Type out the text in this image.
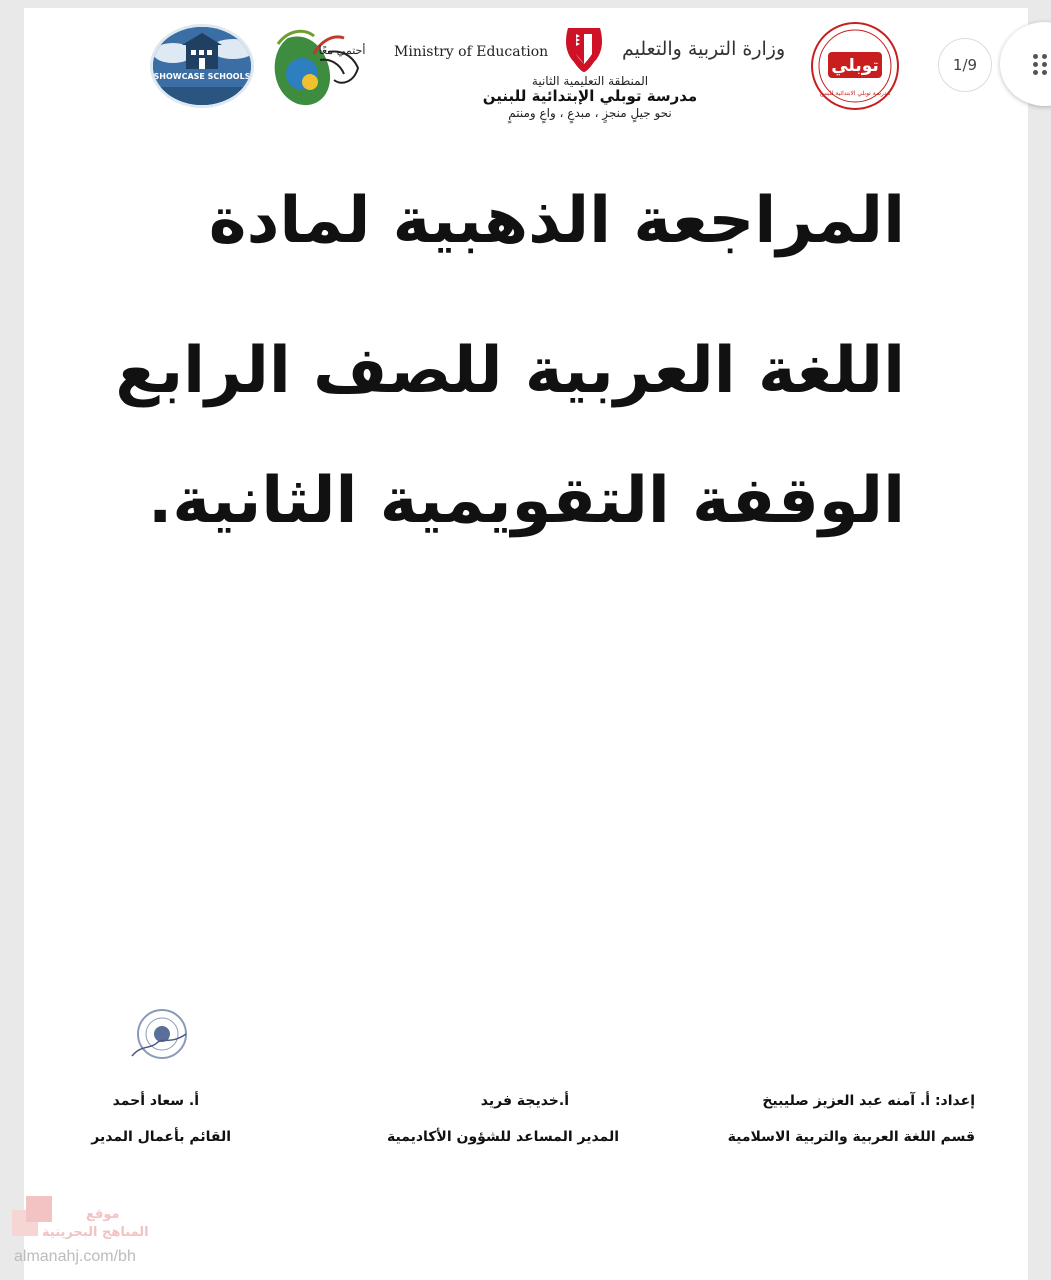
1/9
SHOWCASE SCHOOLS
أحتمي معًا Ministry of Education	وزارة التربية والتعليم
المنطقة التعليمية الثانية
مدرسة توبلي الإبتدائية للبنين
نحو جيلٍ منجزٍ ، مبدعٍ ، واعٍ ومنتمٍ
توبلي
مدرسة توبلي الابتدائية للبنين
المراجعة الذهبية لمادة
اللغة العربية للصف الرابع
الوقفة التقويمية الثانية.
إعداد: أ. آمنه عبد العزيز صليبيخ
قسم اللغة العربية والتربية الاسلامية
أ.خديجة فريد
المدير المساعد للشؤون الأكاديمية
أ. سعاد أحمد
القائم بأعمال المدير
موقع
المناهج البحرينية
almanahj.com/bh
